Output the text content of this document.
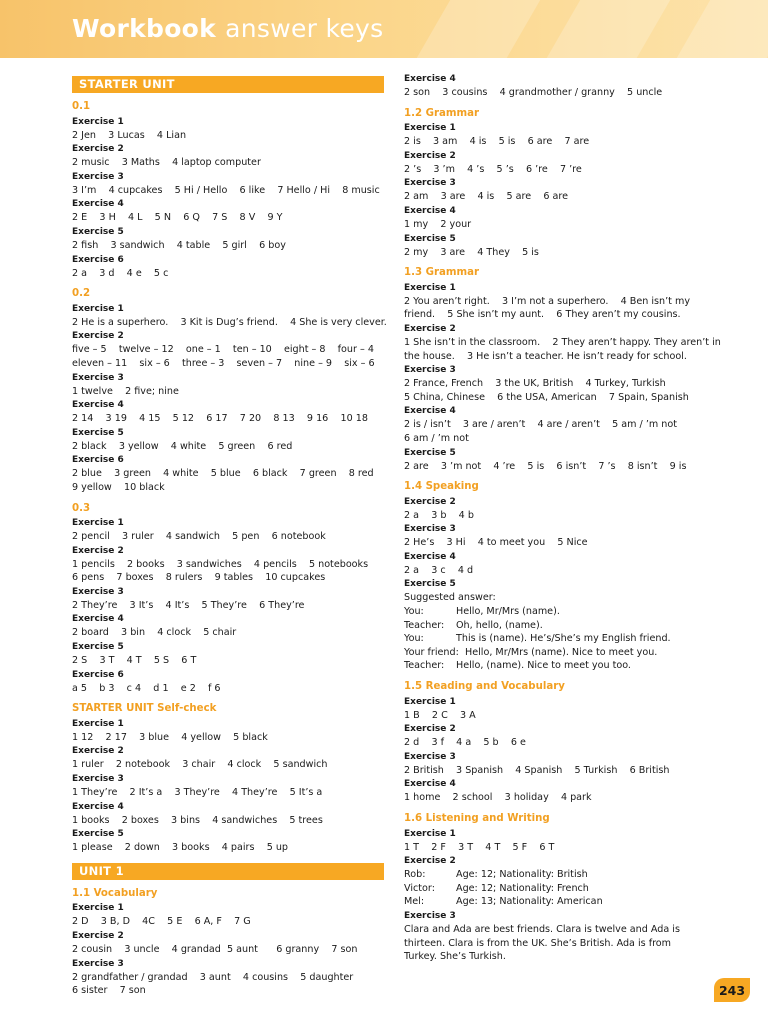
Workbook answer keys
STARTER UNIT
0.1
Exercise 1
2 Jen    3 Lucas    4 Lian
Exercise 2
2 music    3 Maths    4 laptop computer
Exercise 3
3 I’m    4 cupcakes    5 Hi / Hello    6 like    7 Hello / Hi    8 music
Exercise 4
2 E    3 H    4 L    5 N    6 Q    7 S    8 V    9 Y
Exercise 5
2 fish    3 sandwich    4 table    5 girl    6 boy
Exercise 6
2 a    3 d    4 e    5 c
0.2
Exercise 1
2 He is a superhero.    3 Kit is Dug’s friend.    4 She is very clever.
Exercise 2
five – 5    twelve – 12    one – 1    ten – 10    eight – 8    four – 4
eleven – 11    six – 6    three – 3    seven – 7    nine – 9    six – 6
Exercise 3
1 twelve    2 five; nine
Exercise 4
2 14    3 19    4 15    5 12    6 17    7 20    8 13    9 16    10 18
Exercise 5
2 black    3 yellow    4 white    5 green    6 red
Exercise 6
2 blue    3 green    4 white    5 blue    6 black    7 green    8 red
9 yellow    10 black
0.3
Exercise 1
2 pencil    3 ruler    4 sandwich    5 pen    6 notebook
Exercise 2
1 pencils    2 books    3 sandwiches    4 pencils    5 notebooks
6 pens    7 boxes    8 rulers    9 tables    10 cupcakes
Exercise 3
2 They’re    3 It’s    4 It’s    5 They’re    6 They’re
Exercise 4
2 board    3 bin    4 clock    5 chair
Exercise 5
2 S    3 T    4 T    5 S    6 T
Exercise 6
a 5    b 3    c 4    d 1    e 2    f 6
STARTER UNIT Self-check
Exercise 1
1 12    2 17    3 blue    4 yellow    5 black
Exercise 2
1 ruler    2 notebook    3 chair    4 clock    5 sandwich
Exercise 3
1 They’re    2 It’s a    3 They’re    4 They’re    5 It’s a
Exercise 4
1 books    2 boxes    3 bins    4 sandwiches    5 trees
Exercise 5
1 please    2 down    3 books    4 pairs    5 up
UNIT 1
1.1 Vocabulary
Exercise 1
2 D    3 B, D    4C    5 E    6 A, F    7 G
Exercise 2
2 cousin    3 uncle    4 grandad  5 aunt      6 granny    7 son
Exercise 3
2 grandfather / grandad    3 aunt    4 cousins    5 daughter
6 sister    7 son
Exercise 4
2 son    3 cousins    4 grandmother / granny    5 uncle
1.2 Grammar
Exercise 1
2 is    3 am    4 is    5 is    6 are    7 are
Exercise 2
2 ’s    3 ’m    4 ’s    5 ’s    6 ’re    7 ’re
Exercise 3
2 am    3 are    4 is    5 are    6 are
Exercise 4
1 my    2 your
Exercise 5
2 my    3 are    4 They    5 is
1.3 Grammar
Exercise 1
2 You aren’t right.    3 I’m not a superhero.    4 Ben isn’t my
friend.    5 She isn’t my aunt.    6 They aren’t my cousins.
Exercise 2
1 She isn’t in the classroom.    2 They aren’t happy. They aren’t in
the house.    3 He isn’t a teacher. He isn’t ready for school.
Exercise 3
2 France, French    3 the UK, British    4 Turkey, Turkish
5 China, Chinese    6 the USA, American    7 Spain, Spanish
Exercise 4
2 is / isn’t    3 are / aren’t    4 are / aren’t    5 am / ’m not
6 am / ’m not
Exercise 5
2 are    3 ’m not    4 ’re    5 is    6 isn’t    7 ’s    8 isn’t    9 is
1.4 Speaking
Exercise 2
2 a    3 b    4 b
Exercise 3
2 He’s    3 Hi    4 to meet you    5 Nice
Exercise 4
2 a    3 c    4 d
Exercise 5
Suggested answer:
You:	Hello, Mr/Mrs (name).
Teacher:	Oh, hello, (name).
You:	This is (name). He’s/She’s my English friend.
Your friend: Hello, Mr/Mrs (name). Nice to meet you.
Teacher:	Hello, (name). Nice to meet you too.
1.5 Reading and Vocabulary
Exercise 1
1 B    2 C    3 A
Exercise 2
2 d    3 f    4 a    5 b    6 e
Exercise 3
2 British    3 Spanish    4 Spanish    5 Turkish    6 British
Exercise 4
1 home    2 school    3 holiday    4 park
1.6 Listening and Writing
Exercise 1
1 T    2 F    3 T    4 T    5 F    6 T
Exercise 2
Rob:	Age: 12; Nationality: British
Victor:	Age: 12; Nationality: French
Mel:	Age: 13; Nationality: American
Exercise 3
Clara and Ada are best friends. Clara is twelve and Ada is thirteen. Clara is from the UK. She’s British. Ada is from Turkey. She’s Turkish.
243
